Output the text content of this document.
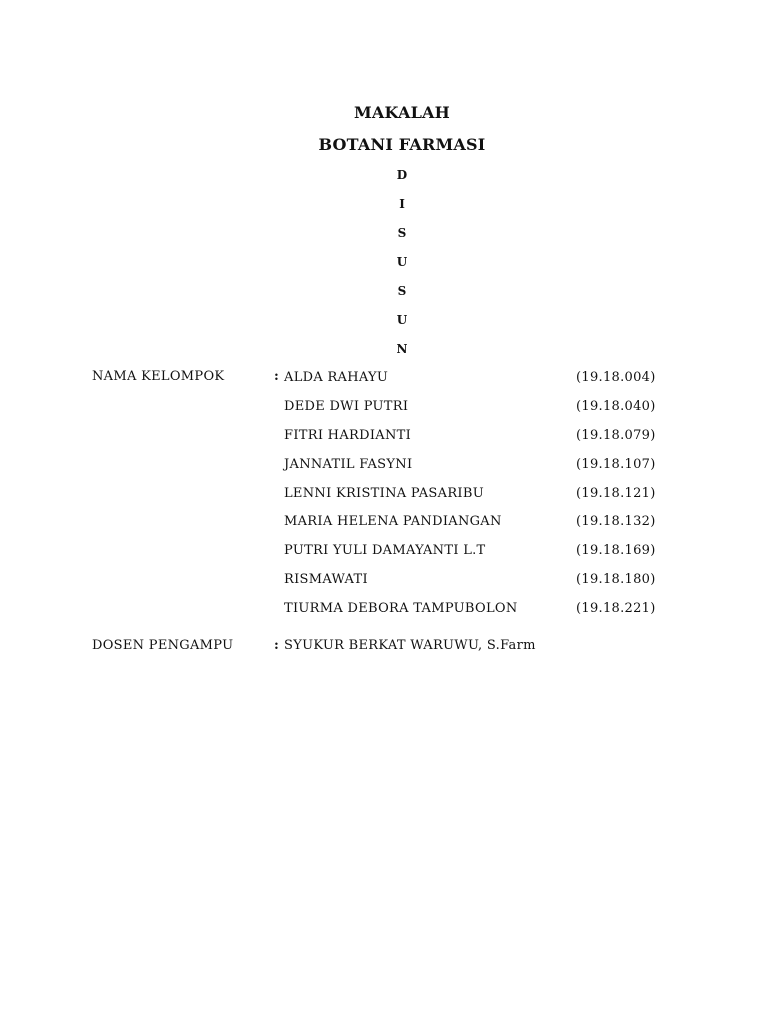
MAKALAH
BOTANI FARMASI
D
I
S
U
S
U
N
NAMA KELOMPOK	: ALDA RAHAYU	(19.18.004)
DEDE DWI PUTRI	(19.18.040)
FITRI HARDIANTI	(19.18.079)
JANNATIL FASYNI	(19.18.107)
LENNI KRISTINA PASARIBU	(19.18.121)
MARIA HELENA PANDIANGAN	(19.18.132)
PUTRI YULI DAMAYANTI L.T	(19.18.169)
RISMAWATI	(19.18.180)
TIURMA DEBORA TAMPUBOLON	(19.18.221)
DOSEN PENGAMPU	: SYUKUR BERKAT WARUWU, S.Farm
